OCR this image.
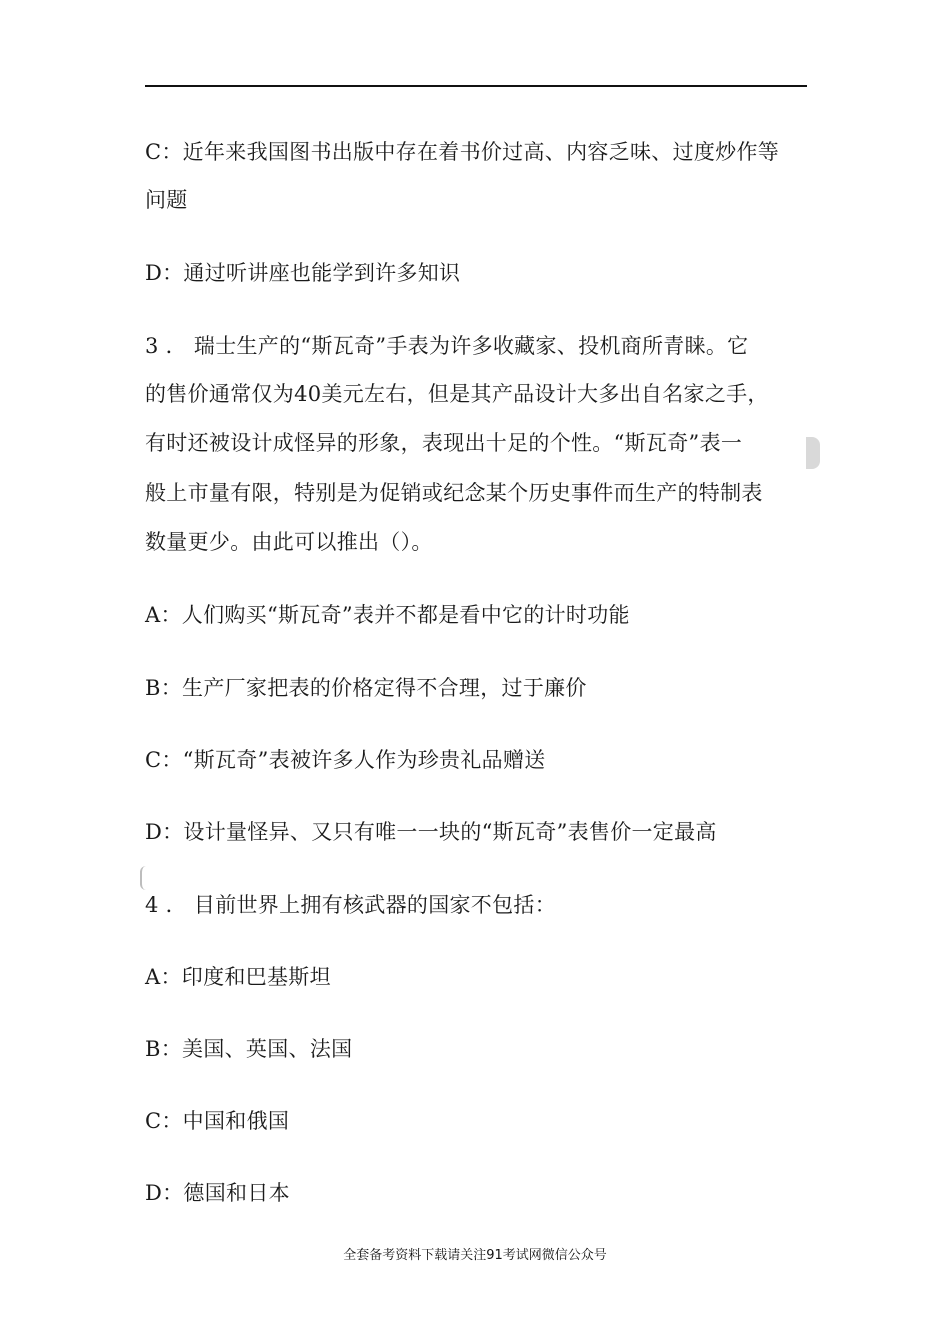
C：近年来我国图书出版中存在着书价过高、内容乏味、过度炒作等
问题
D：通过听讲座也能学到许多知识
3 ． 瑞士生产的“斯瓦奇”手表为许多收藏家、投机商所青睐。它
的售价通常仅为40美元左右，但是其产品设计大多出自名家之手，
有时还被设计成怪异的形象，表现出十足的个性。“斯瓦奇”表一
般上市量有限，特别是为促销或纪念某个历史事件而生产的特制表
数量更少。由此可以推出（）。
A：人们购买“斯瓦奇”表并不都是看中它的计时功能
B：生产厂家把表的价格定得不合理，过于廉价
C：“斯瓦奇”表被许多人作为珍贵礼品赠送
D：设计量怪异、又只有唯一一块的“斯瓦奇”表售价一定最高
4 ． 目前世界上拥有核武器的国家不包括：
A：印度和巴基斯坦
B：美国、英国、法国
C：中国和俄国
D：德国和日本
全套备考资料下载请关注91考试网微信公众号
